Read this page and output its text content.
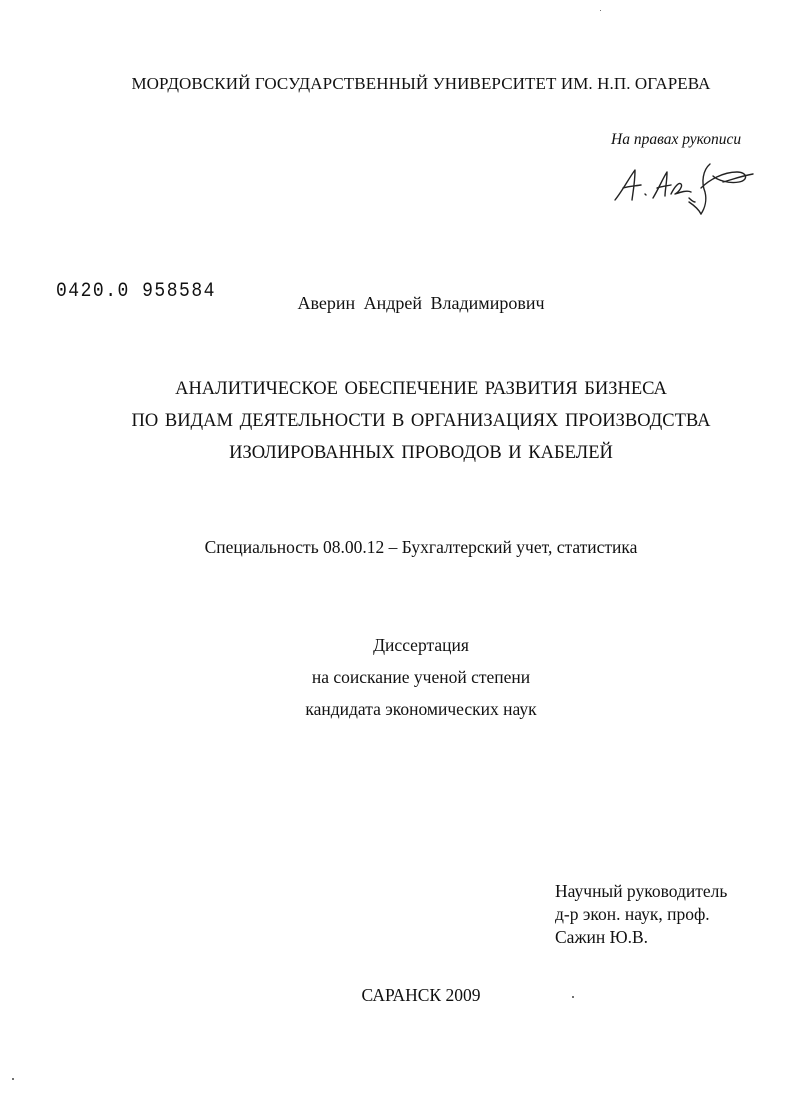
МОРДОВСКИЙ ГОСУДАРСТВЕННЫЙ УНИВЕРСИТЕТ ИМ. Н.П. ОГАРЕВА
На правах рукописи
0420.0 958584	Аверин Андрей Владимирович
АНАЛИТИЧЕСКОЕ ОБЕСПЕЧЕНИЕ РАЗВИТИЯ БИЗНЕСА
ПО ВИДАМ ДЕЯТЕЛЬНОСТИ В ОРГАНИЗАЦИЯХ ПРОИЗВОДСТВА
ИЗОЛИРОВАННЫХ ПРОВОДОВ И КАБЕЛЕЙ
Специальность 08.00.12 – Бухгалтерский учет, статистика
Диссертация
на соискание ученой степени
кандидата экономических наук
Научный руководитель
д-р экон. наук, проф.
Сажин Ю.В.
САРАНСК 2009
